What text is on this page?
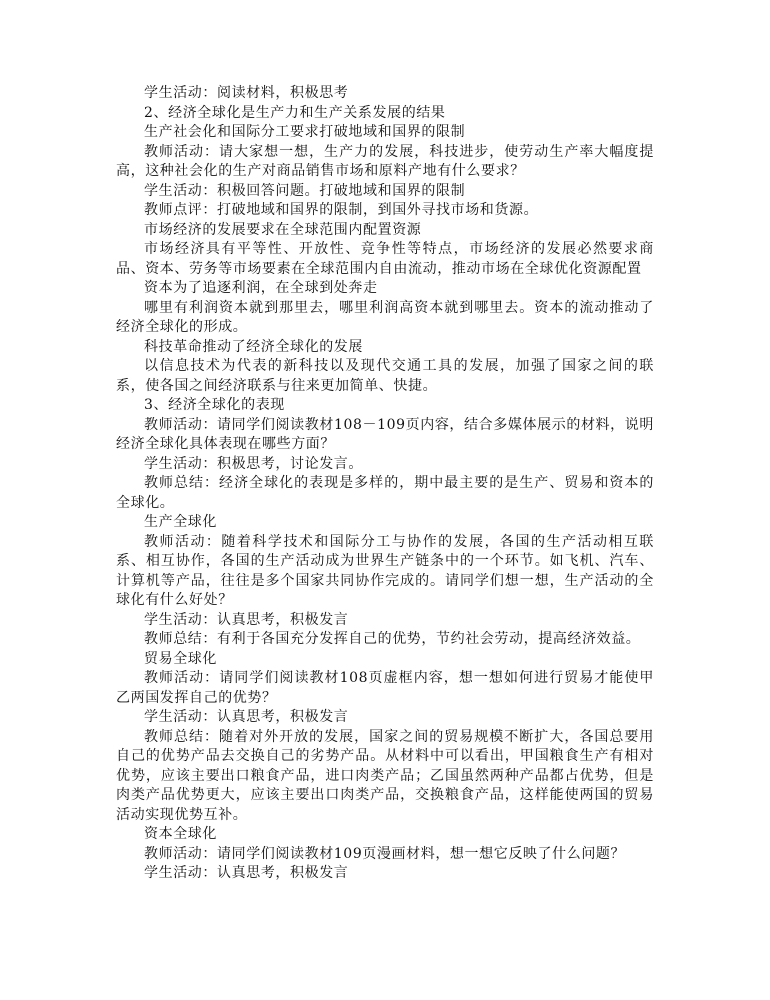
学生活动：阅读材料，积极思考

2、经济全球化是生产力和生产关系发展的结果

生产社会化和国际分工要求打破地域和国界的限制

教师活动：请大家想一想，生产力的发展，科技进步，使劳动生产率大幅度提高，这种社会化的生产对商品销售市场和原料产地有什么要求？

学生活动：积极回答问题。打破地域和国界的限制

教师点评：打破地域和国界的限制，到国外寻找市场和货源。

市场经济的发展要求在全球范围内配置资源

市场经济具有平等性、开放性、竞争性等特点，市场经济的发展必然要求商品、资本、劳务等市场要素在全球范围内自由流动，推动市场在全球优化资源配置

资本为了追逐利润，在全球到处奔走

哪里有利润资本就到那里去，哪里利润高资本就到哪里去。资本的流动推动了经济全球化的形成。

科技革命推动了经济全球化的发展

以信息技术为代表的新科技以及现代交通工具的发展，加强了国家之间的联系，使各国之间经济联系与往来更加简单、快捷。

3、经济全球化的表现

教师活动：请同学们阅读教材108－109页内容，结合多媒体展示的材料，说明经济全球化具体表现在哪些方面？

学生活动：积极思考，讨论发言。

教师总结：经济全球化的表现是多样的，期中最主要的是生产、贸易和资本的全球化。

生产全球化

教师活动：随着科学技术和国际分工与协作的发展，各国的生产活动相互联系、相互协作，各国的生产活动成为世界生产链条中的一个环节。如飞机、汽车、计算机等产品，往往是多个国家共同协作完成的。请同学们想一想，生产活动的全球化有什么好处？

学生活动：认真思考，积极发言

教师总结：有利于各国充分发挥自己的优势，节约社会劳动，提高经济效益。

贸易全球化

教师活动：请同学们阅读教材108页虚框内容，想一想如何进行贸易才能使甲乙两国发挥自己的优势？

学生活动：认真思考，积极发言

教师总结：随着对外开放的发展，国家之间的贸易规模不断扩大，各国总要用自己的优势产品去交换自己的劣势产品。从材料中可以看出，甲国粮食生产有相对优势，应该主要出口粮食产品，进口肉类产品；乙国虽然两种产品都占优势，但是肉类产品优势更大，应该主要出口肉类产品，交换粮食产品，这样能使两国的贸易活动实现优势互补。

资本全球化

教师活动：请同学们阅读教材109页漫画材料，想一想它反映了什么问题？

学生活动：认真思考，积极发言
